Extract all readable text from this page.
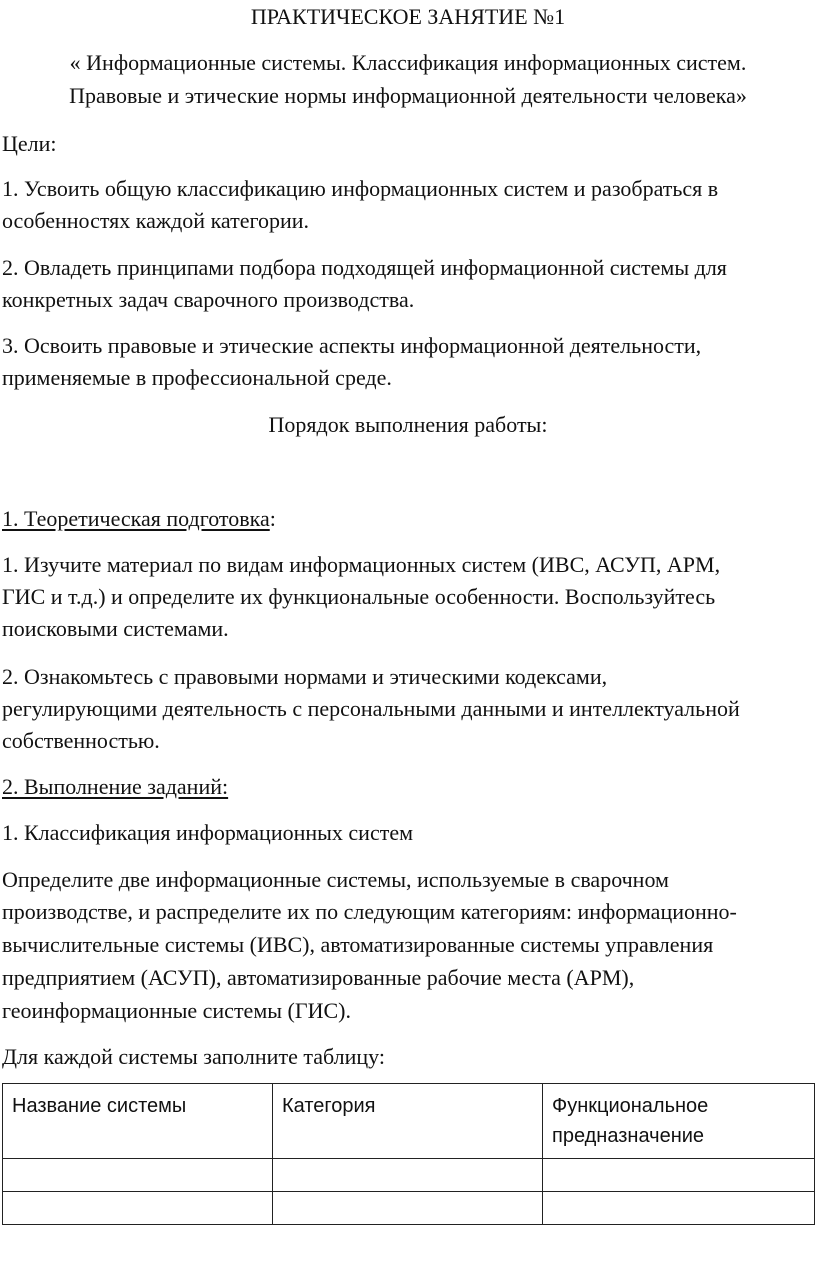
ПРАКТИЧЕСКОЕ ЗАНЯТИЕ №1

« Информационные системы. Классификация информационных систем.

Правовые и этические нормы информационной деятельности человека»

Цели:

1. Усвоить общую классификацию информационных систем и разобраться в

особенностях каждой категории.

2. Овладеть принципами подбора подходящей информационной системы для

конкретных задач сварочного производства.

3. Освоить правовые и этические аспекты информационной деятельности,

применяемые в профессиональной среде.

Порядок выполнения работы:

1. Теоретическая подготовка:

1. Изучите материал по видам информационных систем (ИВС, АСУП, АРМ,

ГИС и т.д.) и определите их функциональные особенности. Воспользуйтесь

поисковыми системами.

2. Ознакомьтесь с правовыми нормами и этическими кодексами,

регулирующими деятельность с персональными данными и интеллектуальной

собственностью.

2. Выполнение заданий:

1. Классификация информационных систем

Определите две информационные системы, используемые в сварочном

производстве, и распределите их по следующим категориям: информационно-

вычислительные системы (ИВС), автоматизированные системы управления

предприятием (АСУП), автоматизированные рабочие места (АРМ),

геоинформационные системы (ГИС).

Для каждой системы заполните таблицу:

Название системы	Категория	Функциональное
предназначение
